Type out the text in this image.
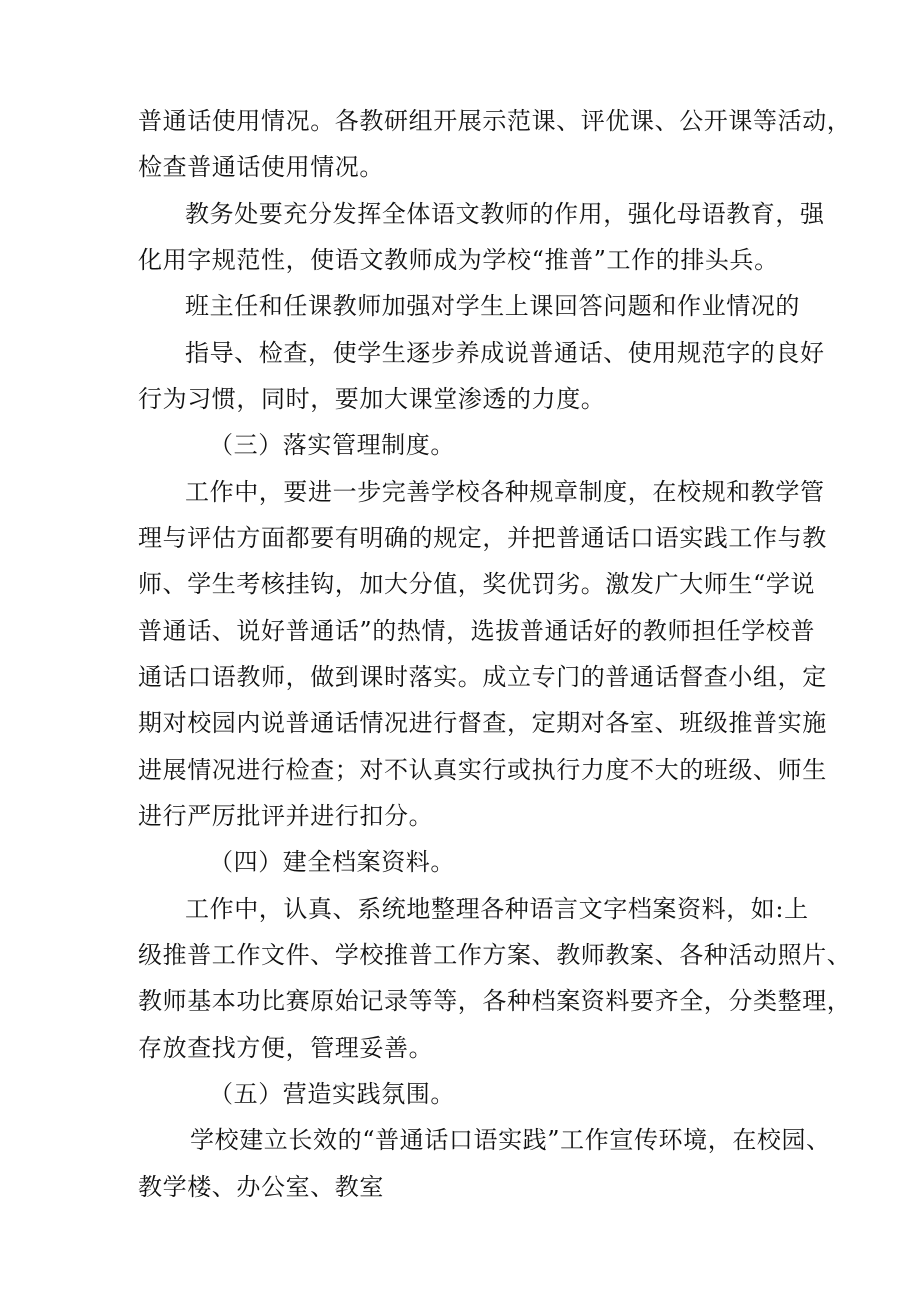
普通话使用情况。各教研组开展示范课、评优课、公开课等活动，
检查普通话使用情况。
教务处要充分发挥全体语文教师的作用，强化母语教育，强
化用字规范性，使语文教师成为学校“推普”工作的排头兵。
班主任和任课教师加强对学生上课回答问题和作业情况的
指导、检查，使学生逐步养成说普通话、使用规范字的良好
行为习惯，同时，要加大课堂渗透的力度。
（三）落实管理制度。
工作中，要进一步完善学校各种规章制度，在校规和教学管
理与评估方面都要有明确的规定，并把普通话口语实践工作与教
师、学生考核挂钩，加大分值，奖优罚劣。激发广大师生“学说
普通话、说好普通话”的热情，选拔普通话好的教师担任学校普
通话口语教师，做到课时落实。成立专门的普通话督查小组，定
期对校园内说普通话情况进行督查，定期对各室、班级推普实施
进展情况进行检查；对不认真实行或执行力度不大的班级、师生
进行严厉批评并进行扣分。
（四）建全档案资料。
工作中，认真、系统地整理各种语言文字档案资料，如:上
级推普工作文件、学校推普工作方案、教师教案、各种活动照片、
教师基本功比赛原始记录等等，各种档案资料要齐全，分类整理，
存放查找方便，管理妥善。
（五）营造实践氛围。
学校建立长效的“普通话口语实践”工作宣传环境，在校园、
教学楼、办公室、教室
